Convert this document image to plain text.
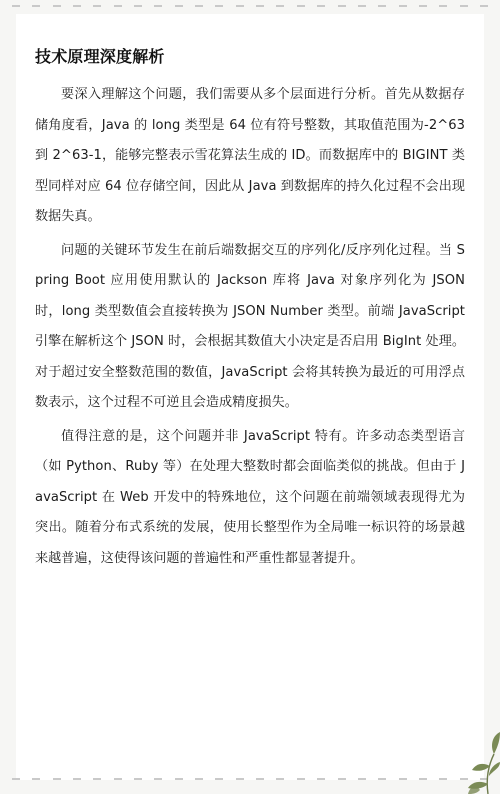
技术原理深度解析

要深入理解这个问题，我们需要从多个层面进行分析。首先从数据存储角度看，Java 的 long 类型是 64 位有符号整数，其取值范围为-2^63 到 2^63-1，能够完整表示雪花算法生成的 ID。而数据库中的 BIGINT 类型同样对应 64 位存储空间，因此从 Java 到数据库的持久化过程不会出现数据失真。

问题的关键环节发生在前后端数据交互的序列化/反序列化过程。当 Spring Boot 应用使用默认的 Jackson 库将 Java 对象序列化为 JSON 时，long 类型数值会直接转换为 JSON Number 类型。前端 JavaScript 引擎在解析这个 JSON 时，会根据其数值大小决定是否启用 BigInt 处理。对于超过安全整数范围的数值，JavaScript 会将其转换为最近的可用浮点数表示，这个过程不可逆且会造成精度损失。

值得注意的是，这个问题并非 JavaScript 特有。许多动态类型语言（如 Python、Ruby 等）在处理大整数时都会面临类似的挑战。但由于 JavaScript 在 Web 开发中的特殊地位，这个问题在前端领域表现得尤为突出。随着分布式系统的发展，使用长整型作为全局唯一标识符的场景越来越普遍，这使得该问题的普遍性和严重性都显著提升。
